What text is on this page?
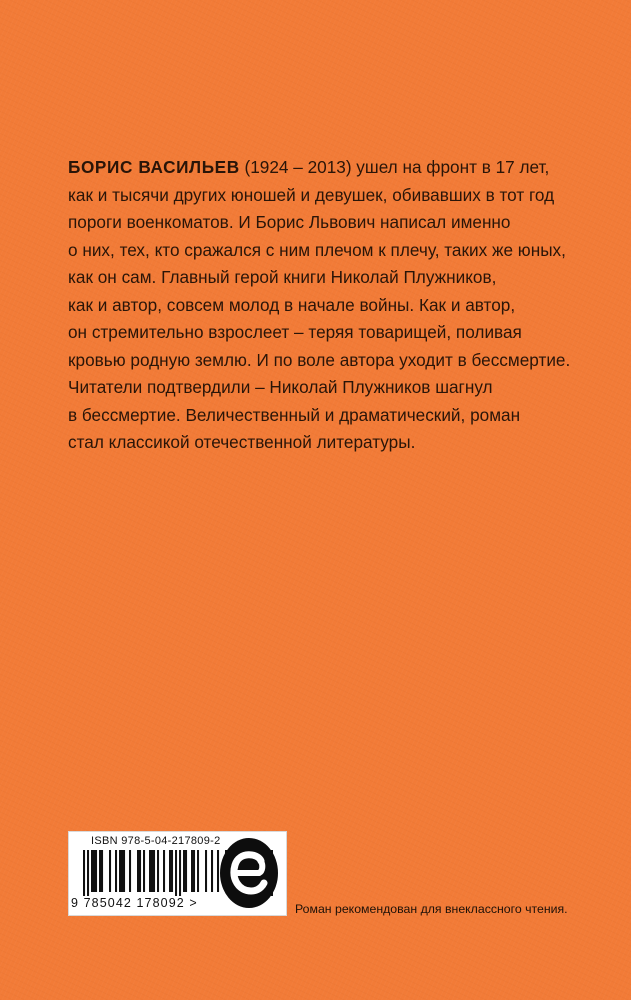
БОРИС ВАСИЛЬЕВ (1924 – 2013) ушел на фронт в 17 лет,
как и тысячи других юношей и девушек, обивавших в тот год
пороги военкоматов. И Борис Львович написал именно
о них, тех, кто сражался с ним плечом к плечу, таких же юных,
как он сам. Главный герой книги Николай Плужников,
как и автор, совсем молод в начале войны. Как и автор,
он стремительно взрослеет – теряя товарищей, поливая
кровью родную землю. И по воле автора уходит в бессмертие.
Читатели подтвердили – Николай Плужников шагнул
в бессмертие. Величественный и драматический, роман
стал классикой отечественной литературы.

ISBN 978-5-04-217809-2
9 785042 178092 >	Роман рекомендован для внеклассного чтения.
